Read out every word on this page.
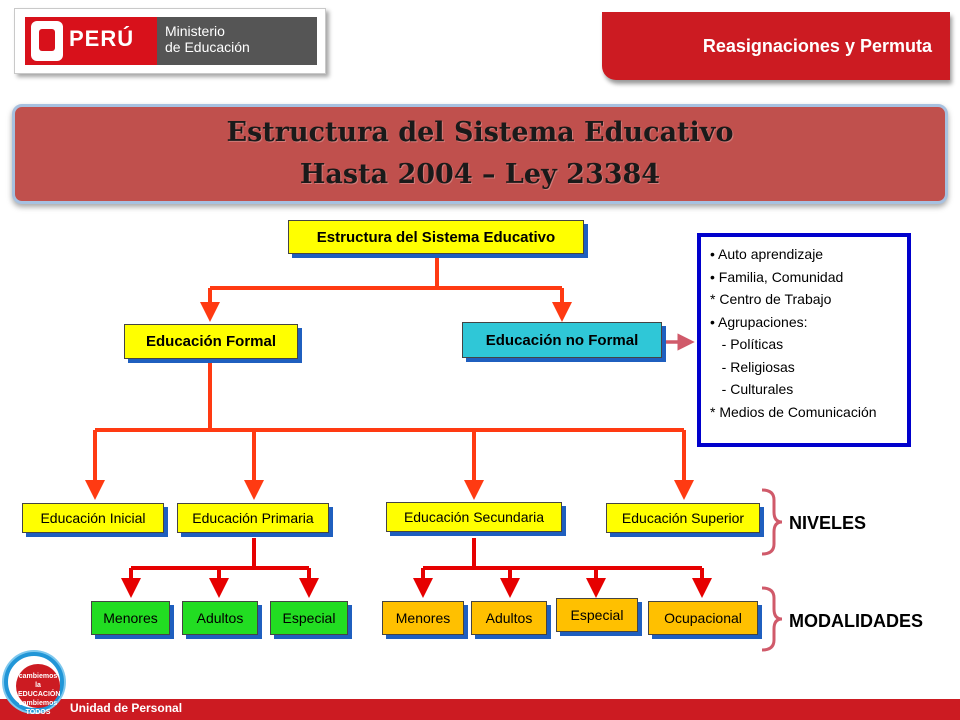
PERÚ Ministerio
de Educación	Reasignaciones y Permuta
Estructura del Sistema Educativo
Hasta 2004 – Ley 23384
Estructura del Sistema Educativo
Educación Formal	Educación no Formal
• Auto aprendizaje
• Familia, Comunidad
* Centro de Trabajo
• Agrupaciones:
- Políticas
- Religiosas
- Culturales
* Medios de Comunicación
Educación Inicial	Educación Primaria	Educación Secundaria	Educación Superior
Menores	Adultos	Especial	Menores	Adultos	Especial	Ocupacional
NIVELES
MODALIDADES
Unidad de Personal
cambiemos la
EDUCACIÓN
cambiemos
TODOS
